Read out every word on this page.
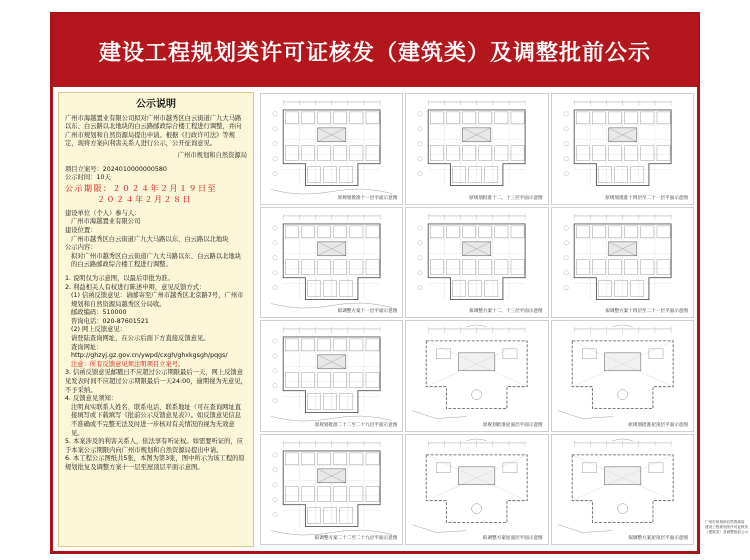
建设工程规划类许可证核发（建筑类）及调整批前公示
公示说明

广州市海越置业有限公司拟对广州市越秀区白云街道广九大马路以东、白云路以北地块的白云路邮政综合楼工程进行调整，并向广州市规划和自然资源局提出申请。根据《行政许可法》等规定，现将方案向利害关系人进行公示，公开征询意见。

广州市规划和自然资源局
项目立案号：2024010000000580
公示时间：10天
公示期限：２０２４年２月１９日至
２０２４年２月２８日
建设单位（个人）参与人：
广州市海越置业有限公司
建设位置：
广州市越秀区白云街道广九大马路以东、白云路以北地块
公示内容：
拟对广州市越秀区白云街道广九大马路以东、白云路以北地块的白云路邮政综合楼工程进行调整。
1. 说明仅为示意图，以最后审批为准。
2. 利益相关人有权进行陈述申辩，意见反馈方式：
(1) 信函反馈意见：请邮寄至广州市越秀区北京路7号，广州市规划和自然资源局越秀区分局收。
邮政编码：510000
咨询电话：020-87601521
(2) 网上反馈意见：
请登陆查询网址，在公示后面下方直接反馈意见。
查询网址：
http://ghzyj.gz.gov.cn/ywpd/cxgh/ghxkgsgh/pqgs/
注意：所有反馈意见须注明项目立案号。
3. 信函反馈意见邮戳日不应超过公示期限最后一天，网上反馈意见发表时间不应超过公示期限最后一天24:00，逾期视为无意见，不予采纳。
4. 反馈意见须知：
注明真实联系人姓名、联系电话、联系地址（可在查询网址直接填写或下载填写《批前公示反馈意见表》）。如反馈意见信息不准确或不完整无法及时进一步核对有关情况的视为无效意见。
5. 本案涉及的利害关系人，依法享有听证权。如需要听证的，应于本案公示期限内向广州市规划和自然资源局提出申请。
6. 本工程公示图纸共5张，本图为第3张，图中所示为该工程的原规划批复及调整方案十一层至屋顶层平面示意图。
原规划批准十一层平面示意图	原规划批准十二、十三层平面示意图	原规划批准十四层至二十一层平面示意图
拟调整方案十一层平面示意图	拟调整方案十二、十三层平面示意图	拟调整方案十四层至二十一层平面示意图
原规划批准二十二至二十九层平面示意图	原规划批准屋面层平面示意图	原规划批准屋顶层平面示意图
拟调整方案二十二至二十九层平面示意图	拟调整方案屋面层平面示意图	拟调整方案屋顶层平面示意图
广州市规划和自然资源局 建设工程规划类许可证核发（建筑类）及调整批前公示
